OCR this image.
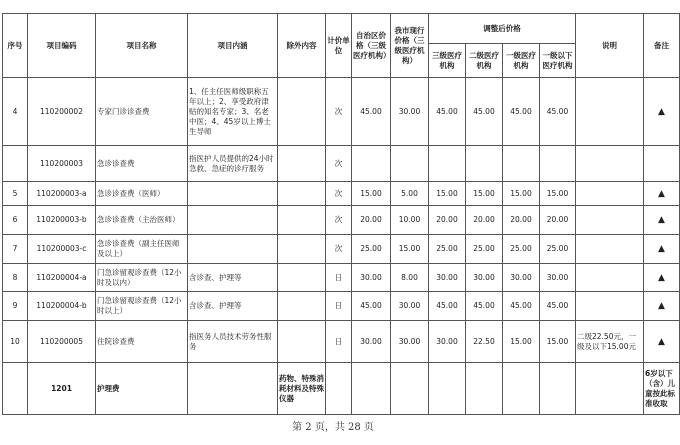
序号	项目编码	项目名称	项目内涵	除外内容	计价单位	自治区价格（三级医疗机构）	我市现行价格（三级医疗机构）	调整后价格				说明	备注
								三级医疗机构	二级医疗机构	一级医疗机构	一级以下医疗机构		
4	110200002	专家门诊诊查费	1、任主任医师级职称五年以上；2、享受政府津贴的知名专家；3、名老中医；4、45岁以上博士生导师		次	45.00	30.00	45.00	45.00	45.00	45.00		▲
	110200003	急诊诊查费	指医护人员提供的24小时急救、急症的诊疗服务		次								
5	110200003-a	急诊诊查费（医师）			次	15.00	5.00	15.00	15.00	15.00	15.00		▲
6	110200003-b	急诊诊查费（主治医师）			次	20.00	10.00	20.00	20.00	20.00	20.00		▲
7	110200003-c	急诊诊查费（副主任医师及以上）			次	25.00	15.00	25.00	25.00	25.00	25.00		▲
8	110200004-a	门急诊留观诊查费（12小时及以内）	含诊查、护理等		日	30.00	8.00	30.00	30.00	30.00	30.00		▲
9	110200004-b	门急诊留观诊查费（12小时以上）	含诊查、护理等		日	45.00	30.00	45.00	45.00	45.00	45.00		▲
10	110200005	住院诊查费	指医务人员技术劳务性服务		日	30.00	30.00	30.00	22.50	15.00	15.00	二级22.50元，一级及以下15.00元	▲
	1201	护理费		药物、特殊消耗材料及特殊仪器									6岁以下（含）儿童按此标准收取
第 2 页，共 28 页
